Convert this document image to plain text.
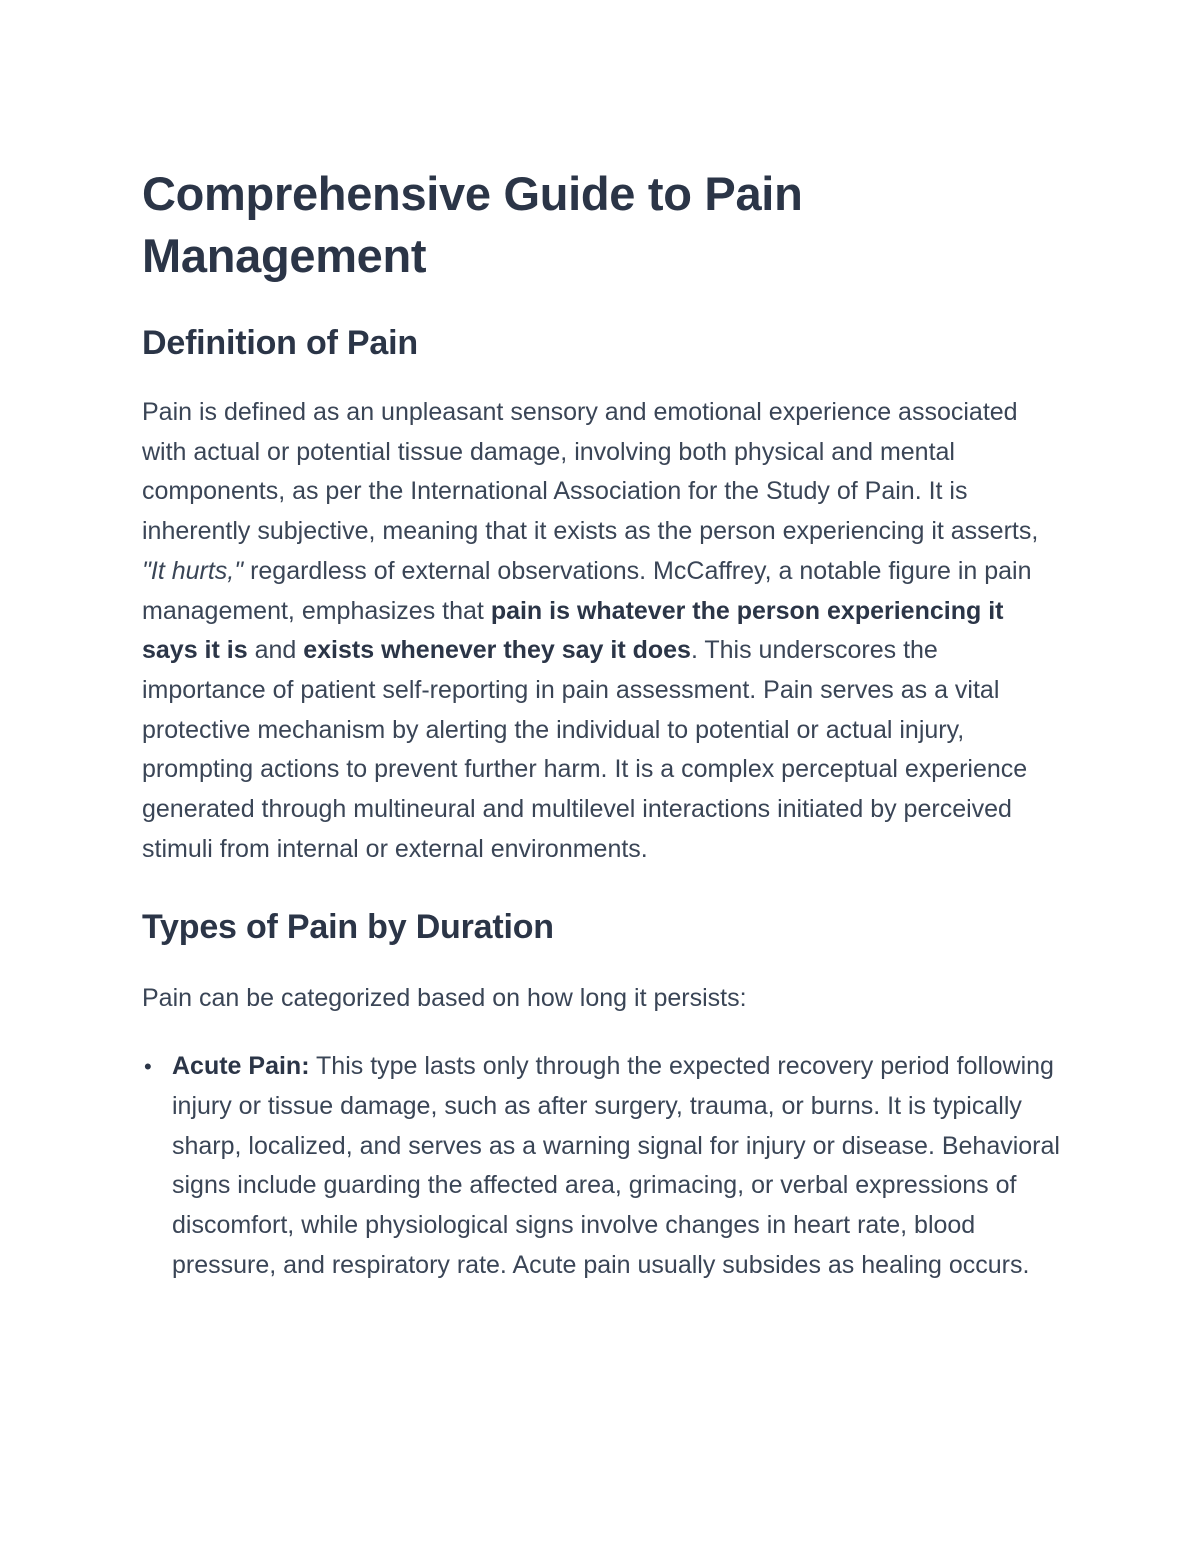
Comprehensive Guide to Pain Management
Definition of Pain

Pain is defined as an unpleasant sensory and emotional experience associated with actual or potential tissue damage, involving both physical and mental components, as per the International Association for the Study of Pain. It is inherently subjective, meaning that it exists as the person experiencing it asserts, "It hurts," regardless of external observations. McCaffrey, a notable figure in pain management, emphasizes that pain is whatever the person experiencing it says it is and exists whenever they say it does. This underscores the importance of patient self-reporting in pain assessment. Pain serves as a vital protective mechanism by alerting the individual to potential or actual injury, prompting actions to prevent further harm. It is a complex perceptual experience generated through multineural and multilevel interactions initiated by perceived stimuli from internal or external environments.

Types of Pain by Duration

Pain can be categorized based on how long it persists:

• Acute Pain: This type lasts only through the expected recovery period following injury or tissue damage, such as after surgery, trauma, or burns. It is typically sharp, localized, and serves as a warning signal for injury or disease. Behavioral signs include guarding the affected area, grimacing, or verbal expressions of discomfort, while physiological signs involve changes in heart rate, blood pressure, and respiratory rate. Acute pain usually subsides as healing occurs.
